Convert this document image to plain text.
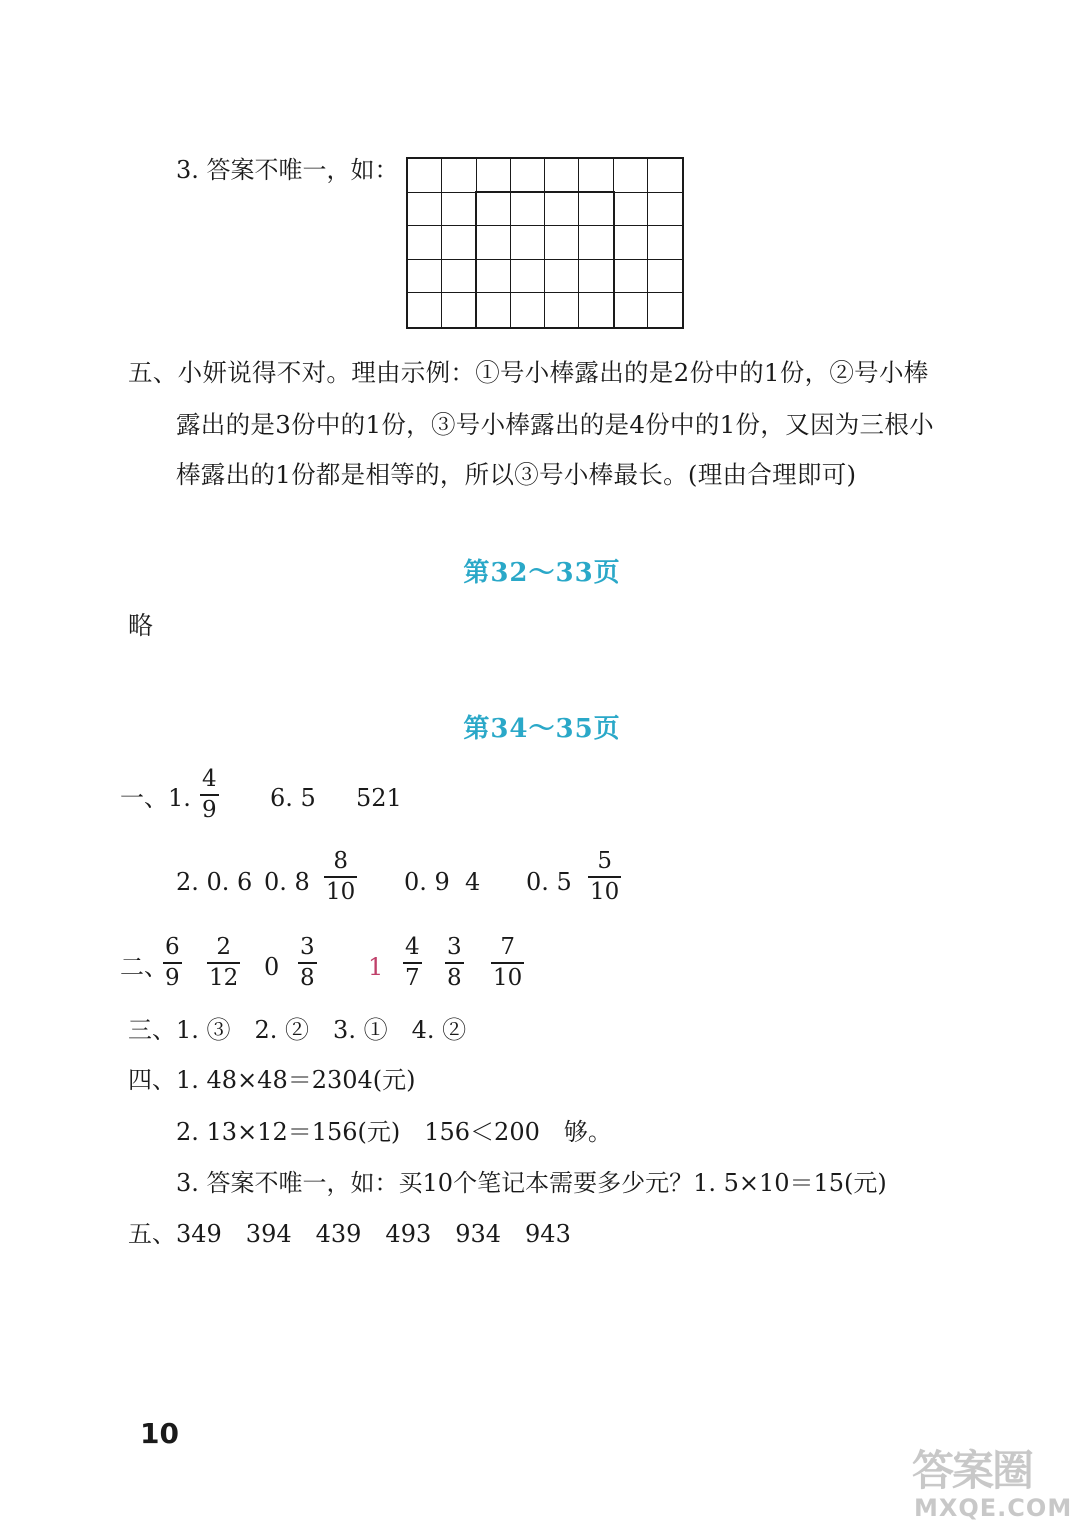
3. 答案不唯一，如：
五、小妍说得不对。理由示例：①号小棒露出的是2份中的1份，②号小棒
露出的是3份中的1份，③号小棒露出的是4份中的1份，又因为三根小
棒露出的1份都是相等的，所以③号小棒最长。(理由合理即可)
第32～33页
略
第34～35页
一、1. $\frac{4}{9} 6$. 5 521
2. 0. 6 0. $8 \frac{8}{10} 0$. 9 4 0. $5 \frac{5}{10}$
二、
$\frac{6}{9} \frac{2}{12} 0 \frac{3}{8} 1 \frac{4}{7} \frac{3}{8} \frac{7}{10}$
三、1. ③　2. ②　3. ①　4. ②
四、1. 48×48＝2304(元)
2. 13×12＝156(元)　156＜200　够。
3. 答案不唯一，如：买10个笔记本需要多少元？1. 5×10＝15(元)
五、349　394　439　493　934　943
10
答案圈
MXQE.COM
